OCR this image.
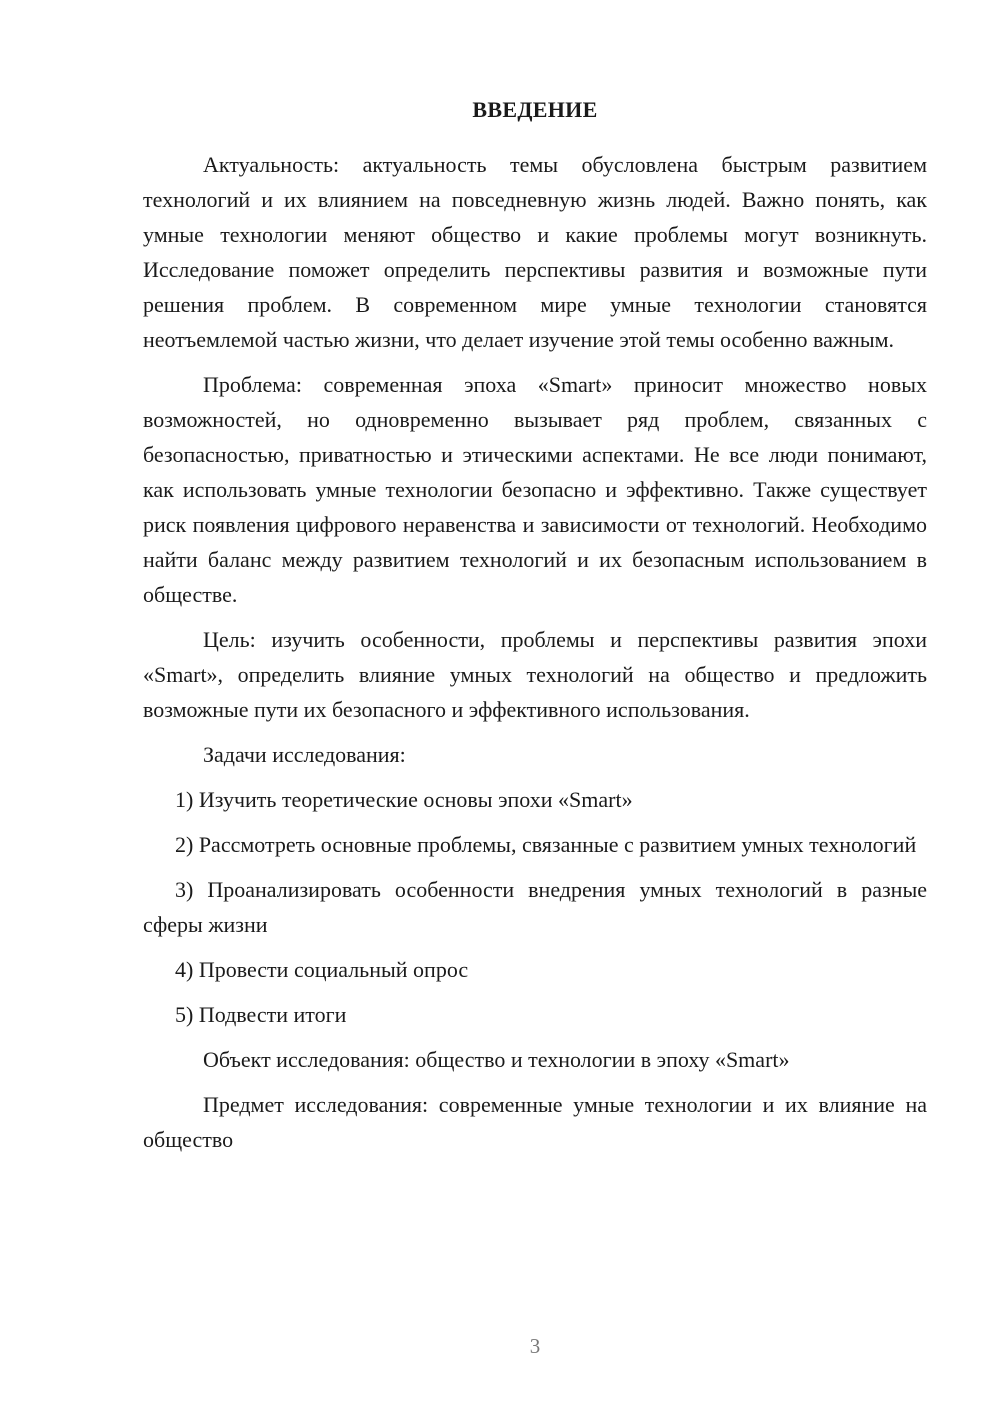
ВВЕДЕНИЕ

Актуальность: актуальность темы обусловлена быстрым развитием технологий и их влиянием на повседневную жизнь людей. Важно понять, как умные технологии меняют общество и какие проблемы могут возникнуть. Исследование поможет определить перспективы развития и возможные пути решения проблем. В современном мире умные технологии становятся неотъемлемой частью жизни, что делает изучение этой темы особенно важным.

Проблема: современная эпоха «Smart» приносит множество новых возможностей, но одновременно вызывает ряд проблем, связанных с безопасностью, приватностью и этическими аспектами. Не все люди понимают, как использовать умные технологии безопасно и эффективно. Также существует риск появления цифрового неравенства и зависимости от технологий. Необходимо найти баланс между развитием технологий и их безопасным использованием в обществе.

Цель: изучить особенности, проблемы и перспективы развития эпохи «Smart», определить влияние умных технологий на общество и предложить возможные пути их безопасного и эффективного использования.

Задачи исследования:

1) Изучить теоретические основы эпохи «Smart»

2) Рассмотреть основные проблемы, связанные с развитием умных технологий

3) Проанализировать особенности внедрения умных технологий в разные сферы жизни

4) Провести социальный опрос

5) Подвести итоги

Объект исследования: общество и технологии в эпоху «Smart»

Предмет исследования: современные умные технологии и их влияние на общество

3
